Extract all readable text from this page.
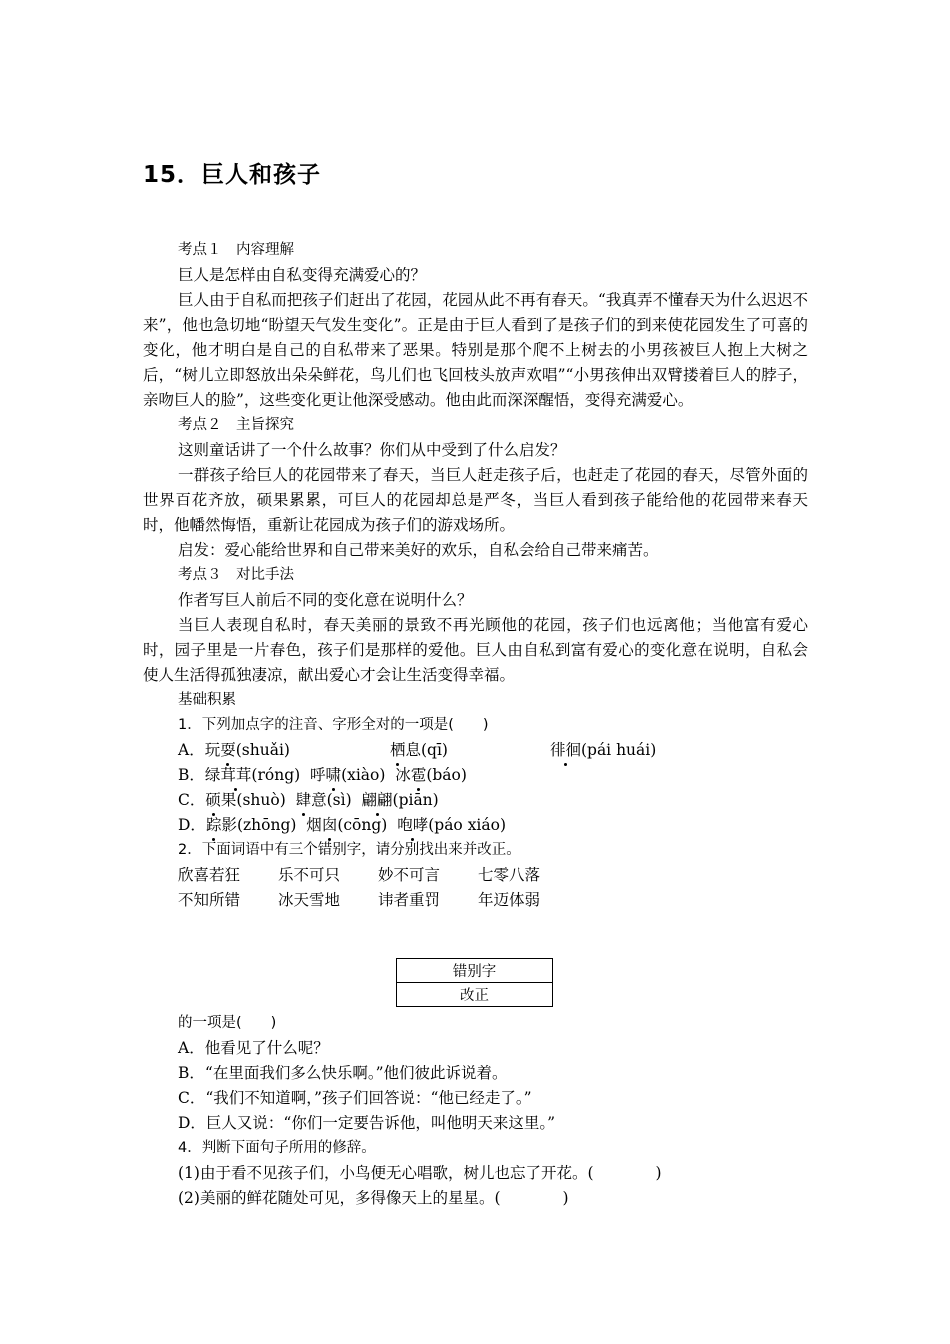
15．巨人和孩子

考点１　内容理解

巨人是怎样由自私变得充满爱心的？

巨人由于自私而把孩子们赶出了花园，花园从此不再有春天。“我真弄不懂春天为什么迟迟不来”，他也急切地“盼望天气发生变化”。正是由于巨人看到了是孩子们的到来使花园发生了可喜的变化，他才明白是自己的自私带来了恶果。特别是那个爬不上树去的小男孩被巨人抱上大树之后，“树儿立即怒放出朵朵鲜花，鸟儿们也飞回枝头放声欢唱”“小男孩伸出双臂搂着巨人的脖子，亲吻巨人的脸”，这些变化更让他深受感动。他由此而深深醒悟，变得充满爱心。

考点２　主旨探究

这则童话讲了一个什么故事？你们从中受到了什么启发？

一群孩子给巨人的花园带来了春天，当巨人赶走孩子后，也赶走了花园的春天，尽管外面的世界百花齐放，硕果累累，可巨人的花园却总是严冬，当巨人看到孩子能给他的花园带来春天时，他幡然悔悟，重新让花园成为孩子们的游戏场所。

启发：爱心能给世界和自己带来美好的欢乐，自私会给自己带来痛苦。

考点３　对比手法

作者写巨人前后不同的变化意在说明什么？

当巨人表现自私时，春天美丽的景致不再光顾他的花园，孩子们也远离他；当他富有爱心时，园子里是一片春色，孩子们是那样的爱他。巨人由自私到富有爱心的变化意在说明，自私会使人生活得孤独凄凉，献出爱心才会让生活变得幸福。

基础积累

1．下列加点字的注音、字形全对的一项是(　　)

A．玩耍(shuǎi)	栖息(qī)	徘徊(pái huái)

B．绿茸茸(róng) 呼啸(xiào) 冰雹(báo)

C．硕果(shuò) 肆意(sì) 翩翩(piān)

D．踪影(zhōng) 烟囱(cōng) 咆哮(páo xiáo)

2．下面词语中有三个错别字，请分别找出来并改正。

欣喜若狂 乐不可只 妙不可言 七零八落

不知所错 冰天雪地 讳者重罚 年迈体弱

错别字
改正

的一项是(　　)

A．他看见了什么呢？

B．“在里面我们多么快乐啊。”他们彼此诉说着。

C．“我们不知道啊，”孩子们回答说：“他已经走了。”

D．巨人又说：“你们一定要告诉他，叫他明天来这里。”

4．判断下面句子所用的修辞。

(1)由于看不见孩子们，小鸟便无心唱歌，树儿也忘了开花。(　　　　)

(2)美丽的鲜花随处可见，多得像天上的星星。(　　　　)
